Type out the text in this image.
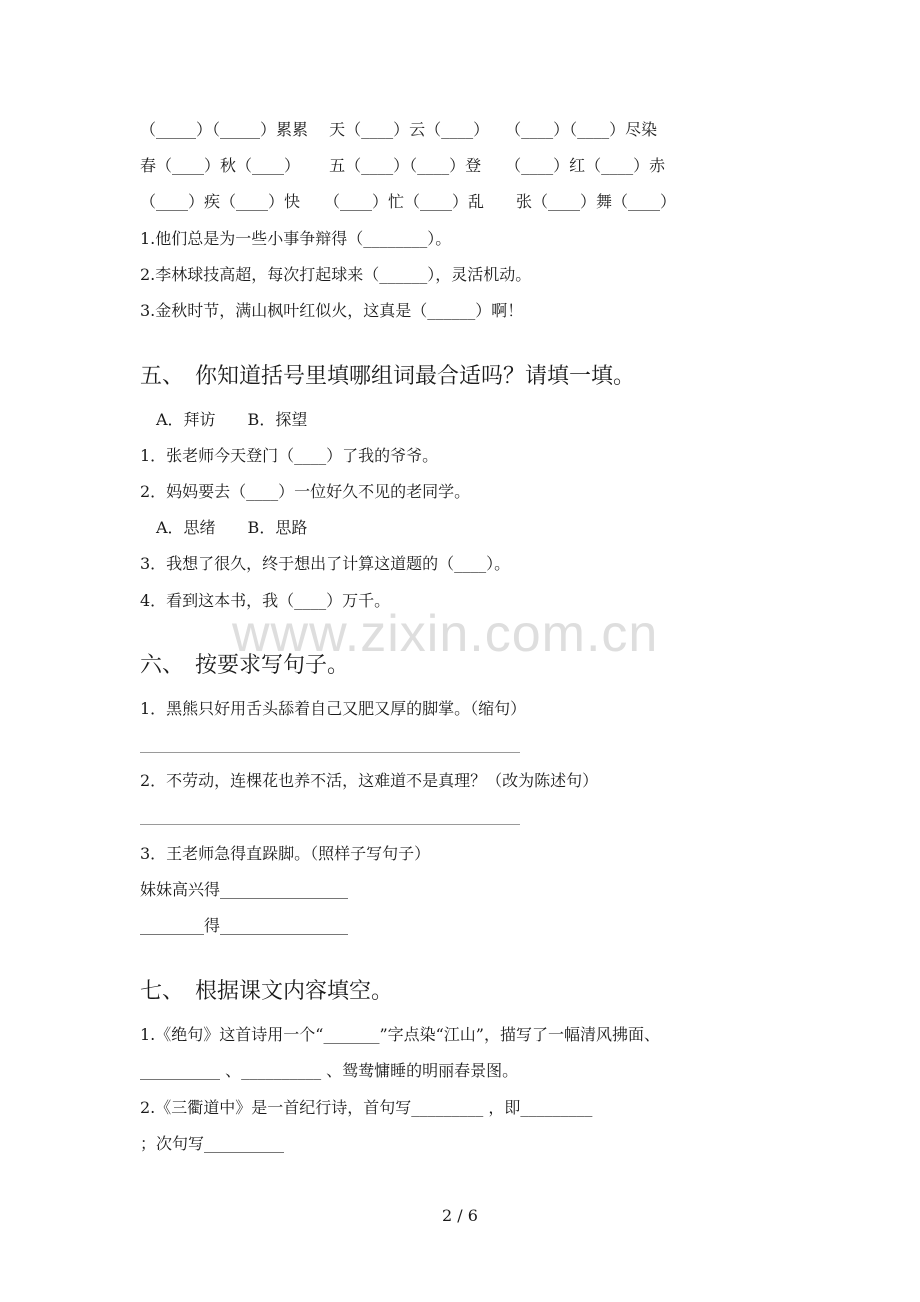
www.zixin.com.cn
（_____）（_____）累累　 天（____）云（____）　　（____）（____）尽染
春（____）秋（____）　　 五（____）（____）登　　（____）红（____）赤
（____）疾（____）快　　（____）忙（____）乱　　张（____）舞（____）
1.他们总是为一些小事争辩得（________）。
2.李林球技高超，每次打起球来（______），灵活机动。
3.金秋时节，满山枫叶红似火，这真是（______）啊！
五、　你知道括号里填哪组词最合适吗？请填一填。
　A．拜访　　B．探望
1．张老师今天登门（____）了我的爷爷。
2．妈妈要去（____）一位好久不见的老同学。
　A．思绪　　B．思路
3．我想了很久，终于想出了计算这道题的（____）。
4．看到这本书，我（____）万千。
六、　按要求写句子。
1．黑熊只好用舌头舔着自己又肥又厚的脚掌。（缩句）
2．不劳动，连棵花也养不活，这难道不是真理？（改为陈述句）
3．王老师急得直跺脚。（照样子写句子）
妹妹高兴得________________
________得________________
七、　根据课文内容填空。
1.《绝句》这首诗用一个“_______”字点染“江山”，描写了一幅清风拂面、
__________ 、__________ 、鸳鸯慵睡的明丽春景图。
2.《三衢道中》是一首纪行诗，首句写_________ ，即_________
；次句写__________
2 / 6
